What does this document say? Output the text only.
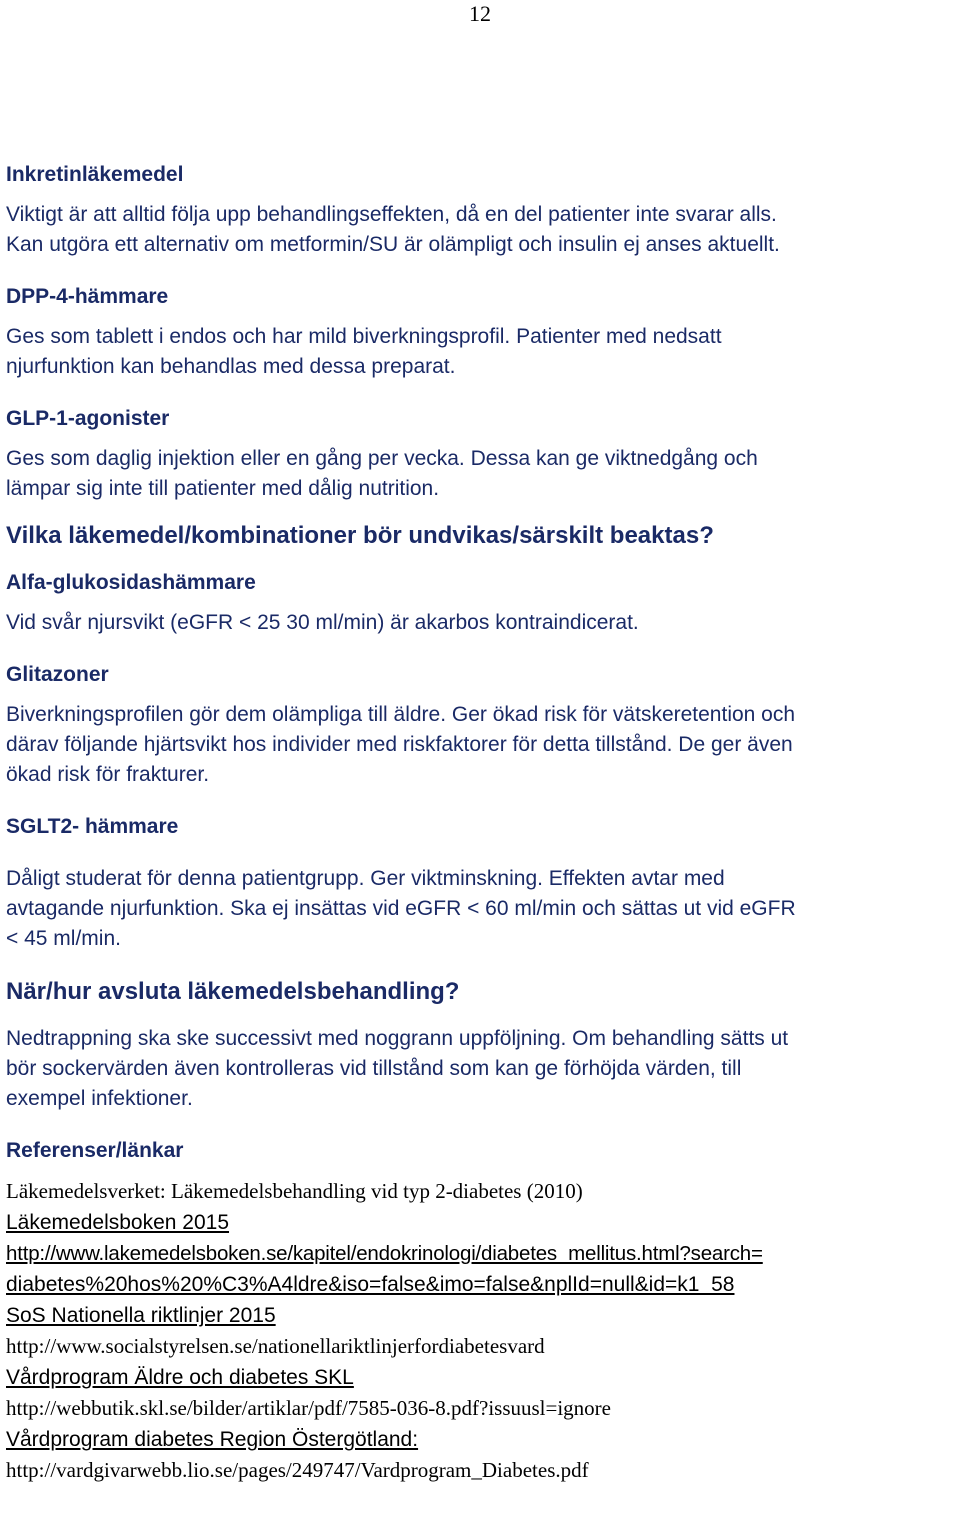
12
Inkretinläkemedel

Viktigt är att alltid följa upp behandlingseffekten, då en del patienter inte svarar alls.

Kan utgöra ett alternativ om metformin/SU är olämpligt och insulin ej anses aktuellt.

DPP-4-hämmare

Ges som tablett i endos och har mild biverkningsprofil. Patienter med nedsatt

njurfunktion kan behandlas med dessa preparat.

GLP-1-agonister

Ges som daglig injektion eller en gång per vecka. Dessa kan ge viktnedgång och

lämpar sig inte till patienter med dålig nutrition.

Vilka läkemedel/kombinationer bör undvikas/särskilt beaktas?
Alfa-glukosidashämmare

Vid svår njursvikt (eGFR < 25 30 ml/min) är akarbos kontraindicerat.

Glitazoner

Biverkningsprofilen gör dem olämpliga till äldre. Ger ökad risk för vätskeretention och

därav följande hjärtsvikt hos individer med riskfaktorer för detta tillstånd. De ger även

ökad risk för frakturer.

SGLT2- hämmare

Dåligt studerat för denna patientgrupp. Ger viktminskning. Effekten avtar med

avtagande njurfunktion. Ska ej insättas vid eGFR < 60 ml/min och sättas ut vid eGFR

< 45 ml/min.

När/hur avsluta läkemedelsbehandling?

Nedtrappning ska ske successivt med noggrann uppföljning. Om behandling sätts ut

bör sockervärden även kontrolleras vid tillstånd som kan ge förhöjda värden, till

exempel infektioner.

Referenser/länkar
Läkemedelsverket: Läkemedelsbehandling vid typ 2-diabetes (2010)
Läkemedelsboken 2015
http://www.lakemedelsboken.se/kapitel/endokrinologi/diabetes_mellitus.html?search=
diabetes%20hos%20%C3%A4ldre&iso=false&imo=false&nplId=null&id=k1_58
SoS Nationella riktlinjer 2015
http://www.socialstyrelsen.se/nationellariktlinjerfordiabetesvard
Vårdprogram Äldre och diabetes SKL
http://webbutik.skl.se/bilder/artiklar/pdf/7585-036-8.pdf?issuusl=ignore
Vårdprogram diabetes Region Östergötland:
http://vardgivarwebb.lio.se/pages/249747/Vardprogram_Diabetes.pdf
